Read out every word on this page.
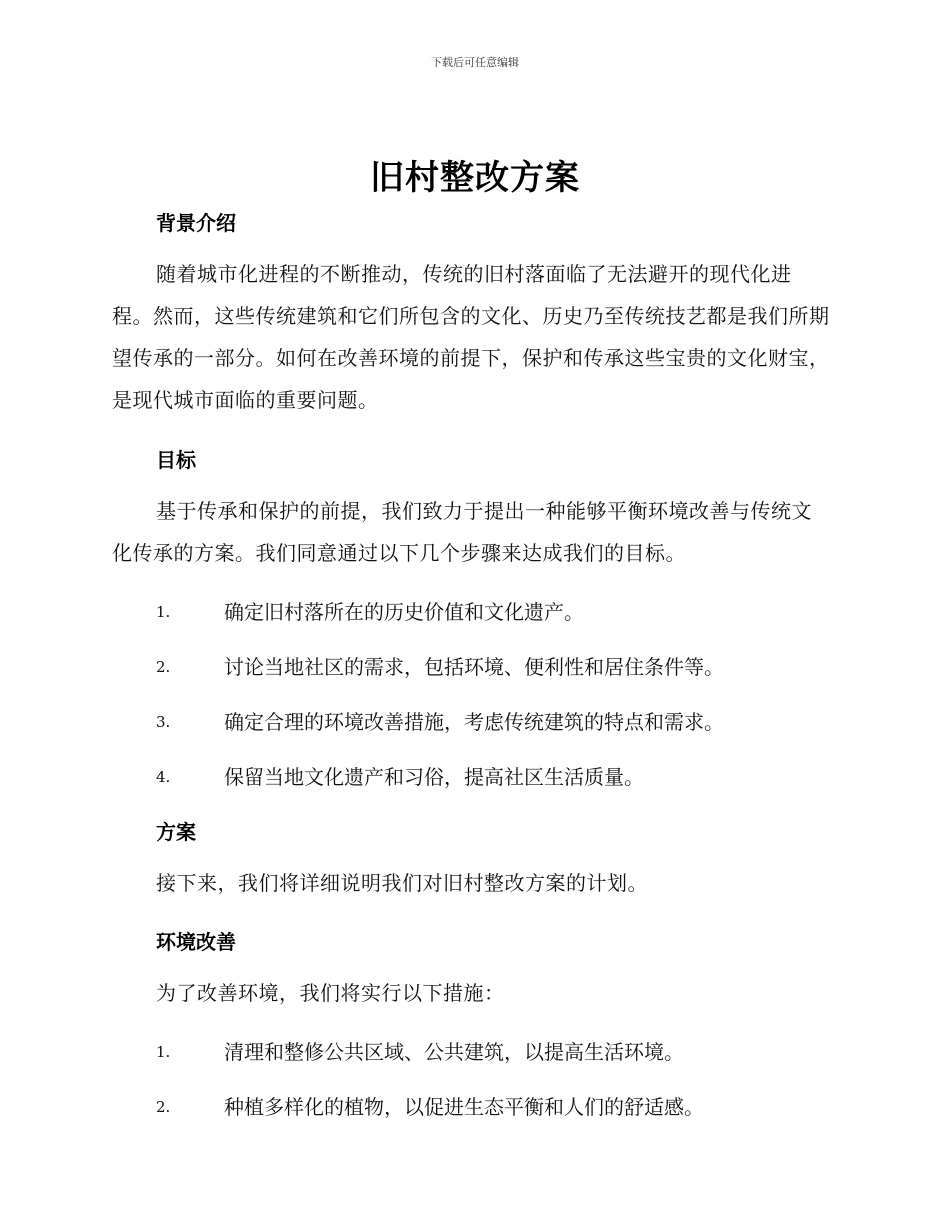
下载后可任意编辑
旧村整改方案
背景介绍
随着城市化进程的不断推动，传统的旧村落面临了无法避开的现代化进程。然而，这些传统建筑和它们所包含的文化、历史乃至传统技艺都是我们所期望传承的一部分。如何在改善环境的前提下，保护和传承这些宝贵的文化财宝，是现代城市面临的重要问题。
目标
基于传承和保护的前提，我们致力于提出一种能够平衡环境改善与传统文化传承的方案。我们同意通过以下几个步骤来达成我们的目标。
1.	确定旧村落所在的历史价值和文化遗产。
2.	讨论当地社区的需求，包括环境、便利性和居住条件等。
3.	确定合理的环境改善措施，考虑传统建筑的特点和需求。
4.	保留当地文化遗产和习俗，提高社区生活质量。
方案
接下来，我们将详细说明我们对旧村整改方案的计划。
环境改善
为了改善环境，我们将实行以下措施：
1.	清理和整修公共区域、公共建筑，以提高生活环境。
2.	种植多样化的植物，以促进生态平衡和人们的舒适感。
